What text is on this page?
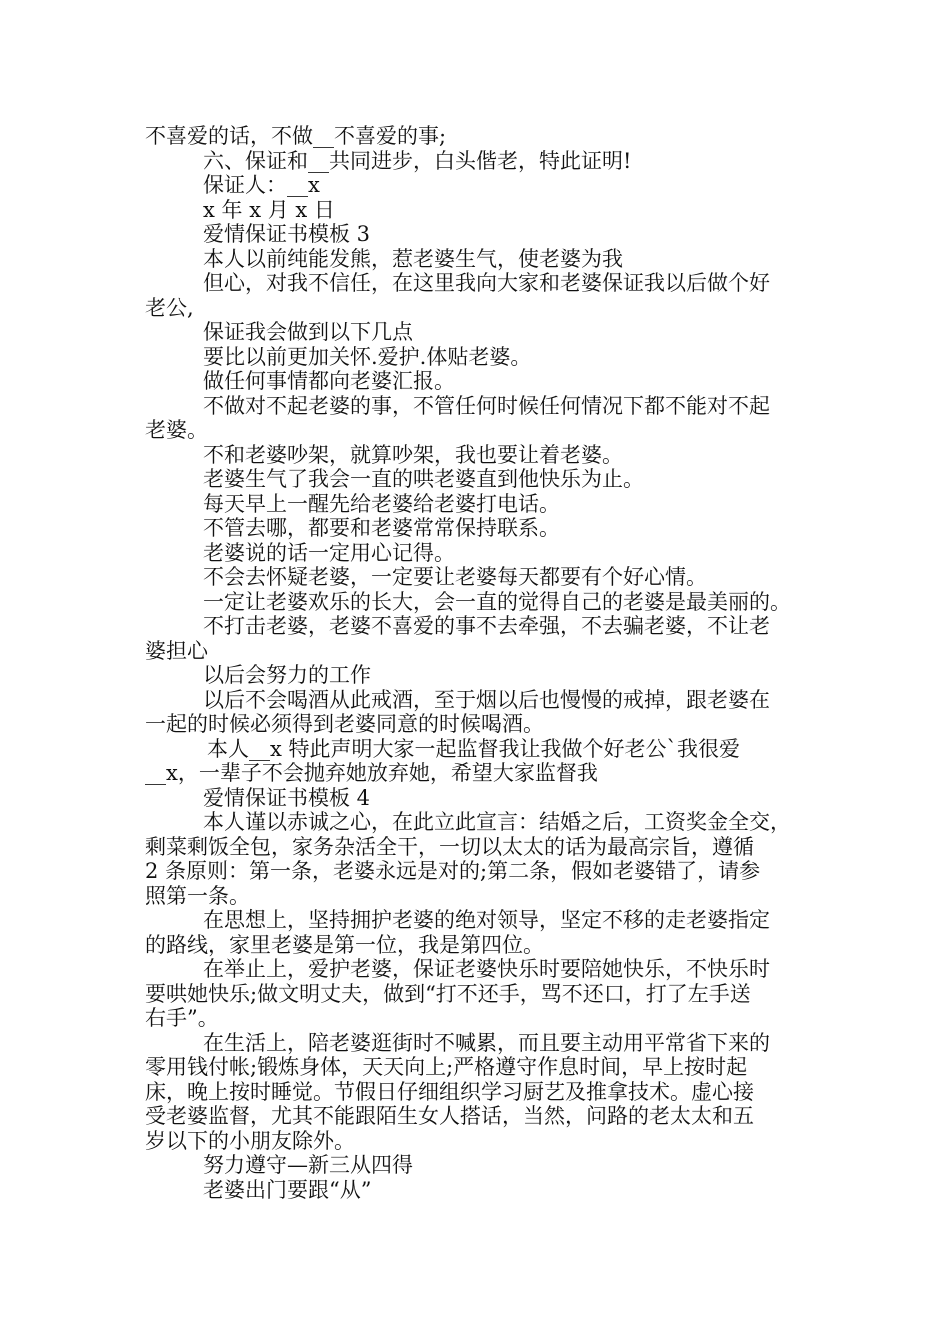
不喜爱的话，不做__不喜爱的事;

六、保证和__共同进步，白头偕老，特此证明!

保证人：__x

x 年 x 月 x 日

爱情保证书模板 3

本人以前纯能发熊，惹老婆生气，使老婆为我

但心，对我不信任，在这里我向大家和老婆保证我以后做个好

老公,

保证我会做到以下几点

要比以前更加关怀.爱护.体贴老婆。

做任何事情都向老婆汇报。

不做对不起老婆的事，不管任何时候任何情况下都不能对不起

老婆。

不和老婆吵架，就算吵架，我也要让着老婆。

老婆生气了我会一直的哄老婆直到他快乐为止。

每天早上一醒先给老婆给老婆打电话。

不管去哪，都要和老婆常常保持联系。

老婆说的话一定用心记得。

不会去怀疑老婆，一定要让老婆每天都要有个好心情。

一定让老婆欢乐的长大，会一直的觉得自己的老婆是最美丽的。

不打击老婆，老婆不喜爱的事不去牵强，不去骗老婆，不让老

婆担心

以后会努力的工作

以后不会喝酒从此戒酒，至于烟以后也慢慢的戒掉，跟老婆在

一起的时候必须得到老婆同意的时候喝酒。

本人__x 特此声明大家一起监督我让我做个好老公`我很爱

__x，一辈子不会抛弃她放弃她，希望大家监督我

爱情保证书模板 4

本人谨以赤诚之心，在此立此宣言：结婚之后，工资奖金全交，

剩菜剩饭全包，家务杂活全干，一切以太太的话为最高宗旨，遵循

2 条原则：第一条，老婆永远是对的;第二条，假如老婆错了，请参

照第一条。

在思想上，坚持拥护老婆的绝对领导，坚定不移的走老婆指定

的路线，家里老婆是第一位，我是第四位。

在举止上，爱护老婆，保证老婆快乐时要陪她快乐，不快乐时

要哄她快乐;做文明丈夫，做到“打不还手，骂不还口，打了左手送

右手”。

在生活上，陪老婆逛街时不喊累，而且要主动用平常省下来的

零用钱付帐;锻炼身体，天天向上;严格遵守作息时间，早上按时起

床，晚上按时睡觉。节假日仔细组织学习厨艺及推拿技术。虚心接

受老婆监督，尤其不能跟陌生女人搭话，当然，问路的老太太和五

岁以下的小朋友除外。

努力遵守—新三从四得

老婆出门要跟“从”
